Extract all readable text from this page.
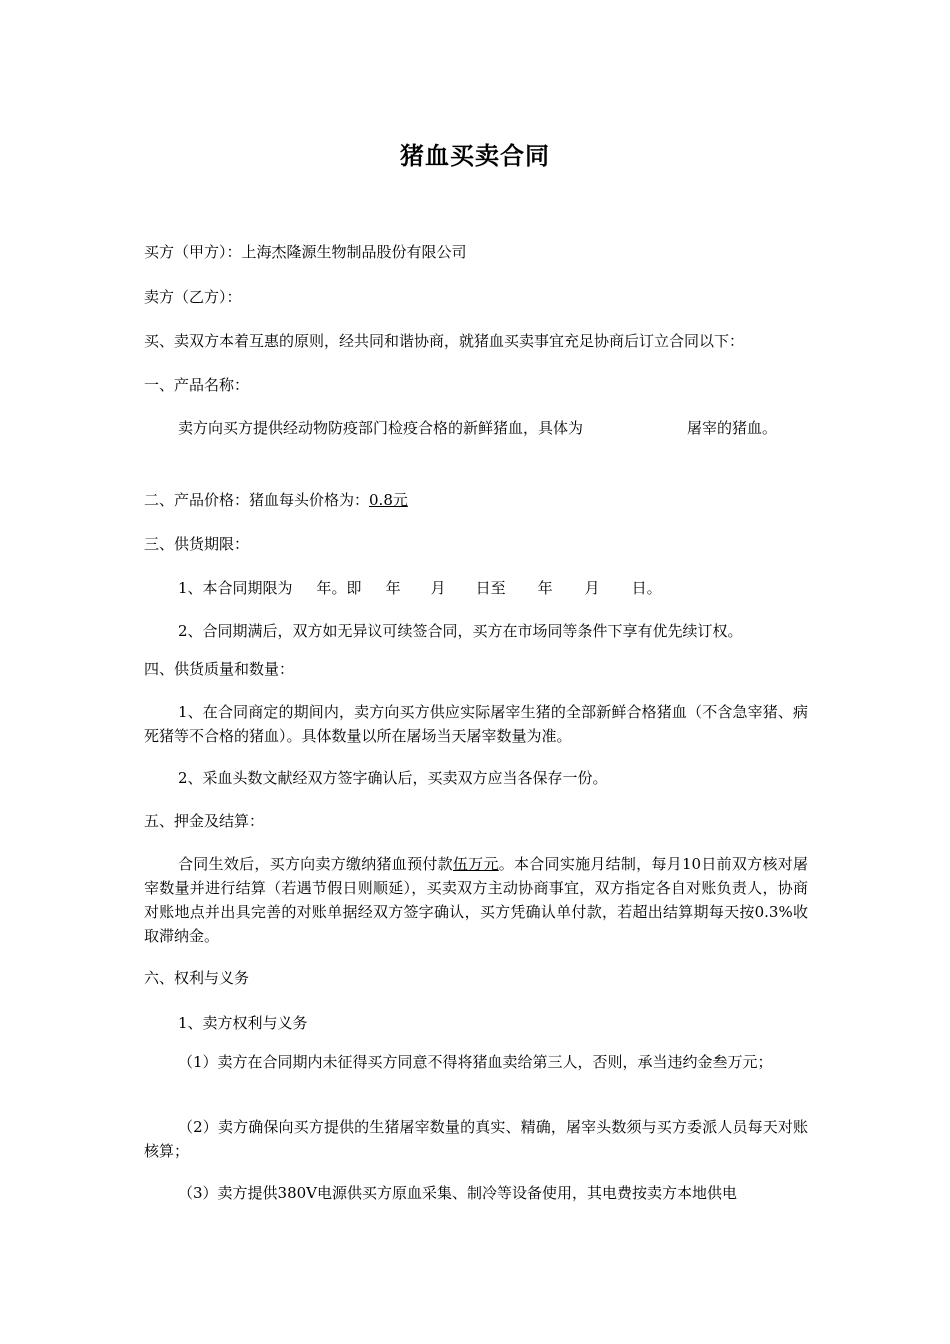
猪血买卖合同
买方（甲方）：上海杰隆源生物制品股份有限公司
卖方（乙方）：
买、卖双方本着互惠的原则，经共同和谐协商，就猪血买卖事宜充足协商后订立合同以下：
一、产品名称：
卖方向买方提供经动物防疫部门检疫合格的新鲜猪血，具体为	屠宰的猪血。
二、产品价格：猪血每头价格为：0.8元
三、供货期限：
1、本合同期限为 年。即 年 月 日至 年 月 日。
2、合同期满后，双方如无异议可续签合同，买方在市场同等条件下享有优先续订权。
四、供货质量和数量：
1、在合同商定的期间内，卖方向买方供应实际屠宰生猪的全部新鲜合格猪血（不含急宰猪、病死猪等不合格的猪血）。具体数量以所在屠场当天屠宰数量为准。
2、采血头数文献经双方签字确认后，买卖双方应当各保存一份。
五、押金及结算：
合同生效后，买方向卖方缴纳猪血预付款伍万元。本合同实施月结制，每月10日前双方核对屠宰数量并进行结算（若遇节假日则顺延），买卖双方主动协商事宜，双方指定各自对账负责人，协商对账地点并出具完善的对账单据经双方签字确认，买方凭确认单付款，若超出结算期每天按0.3%收取滞纳金。
六、权利与义务
1、卖方权利与义务
（1）卖方在合同期内未征得买方同意不得将猪血卖给第三人，否则，承当违约金叁万元；
（2）卖方确保向买方提供的生猪屠宰数量的真实、精确，屠宰头数须与买方委派人员每天对账核算；
（3）卖方提供380V电源供买方原血采集、制冷等设备使用，其电费按卖方本地供电
